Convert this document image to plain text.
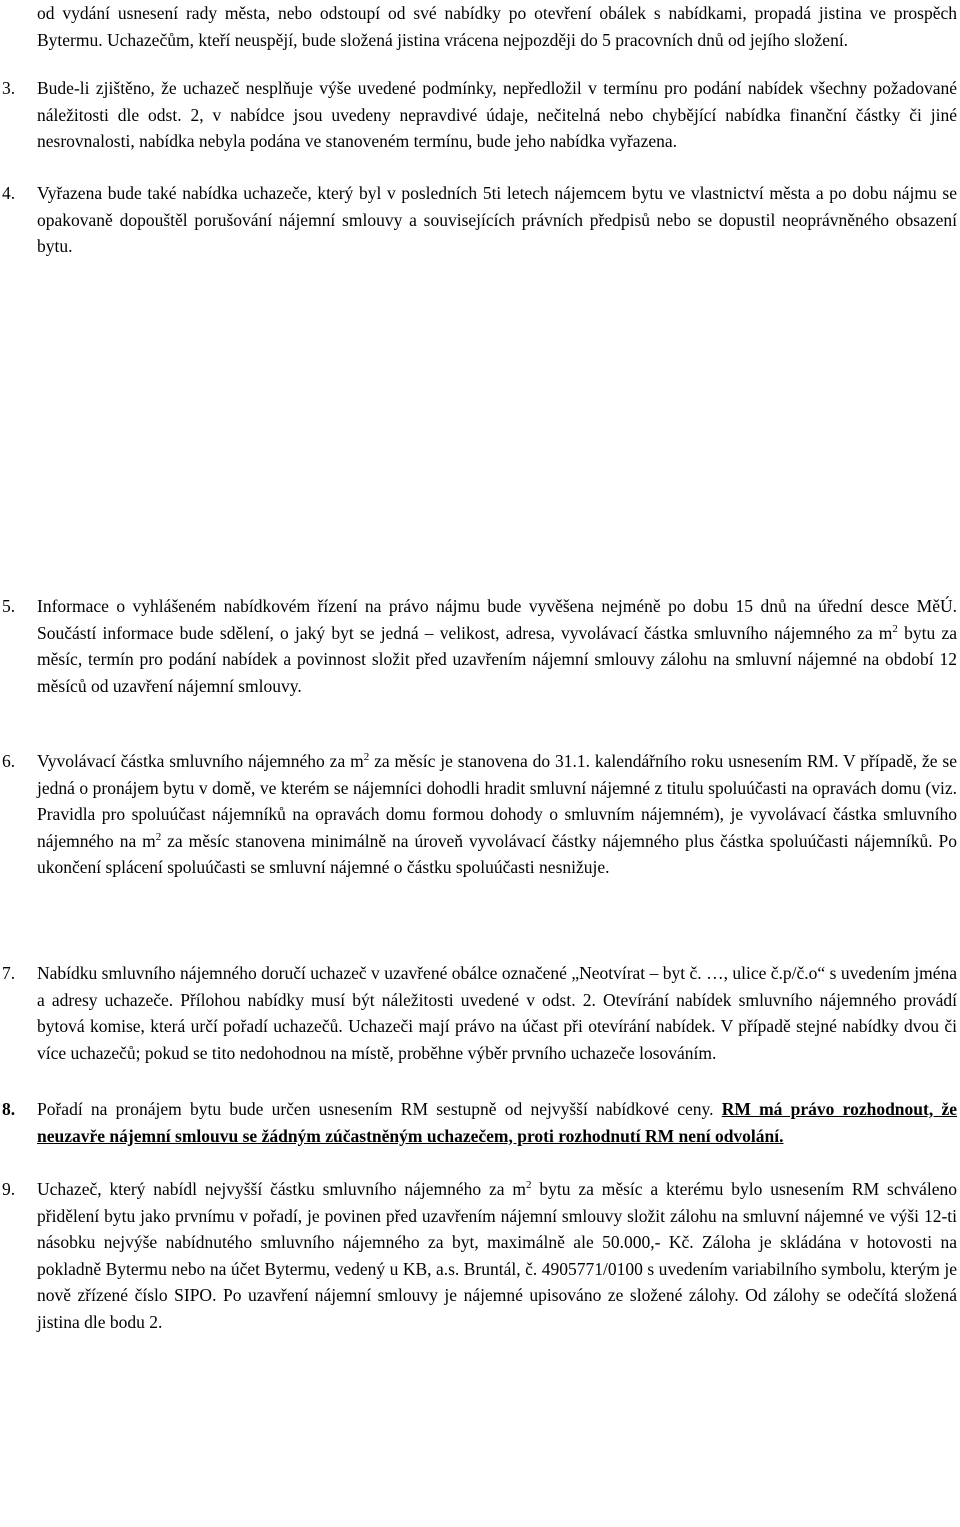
od vydání usnesení rady města, nebo odstoupí od své nabídky po otevření obálek s nabídkami, propadá jistina ve prospěch Bytermu. Uchazečům, kteří neuspějí, bude složená jistina vrácena nejpozději do 5 pracovních dnů od jejího složení.
3. Bude-li zjištěno, že uchazeč nesplňuje výše uvedené podmínky, nepředložil v termínu pro podání nabídek všechny požadované náležitosti dle odst. 2, v nabídce jsou uvedeny nepravdivé údaje, nečitelná nebo chybějící nabídka finanční částky či jiné nesrovnalosti, nabídka nebyla podána ve stanoveném termínu, bude jeho nabídka vyřazena.
4. Vyřazena bude také nabídka uchazeče, který byl v posledních 5ti letech nájemcem bytu ve vlastnictví města a po dobu nájmu se opakovaně dopouštěl porušování nájemní smlouvy a souvisejících právních předpisů nebo se dopustil neoprávněného obsazení bytu.
5. Informace o vyhlášeném nabídkovém řízení na právo nájmu bude vyvěšena nejméně po dobu 15 dnů na úřední desce MěÚ. Součástí informace bude sdělení, o jaký byt se jedná – velikost, adresa, vyvolávací částka smluvního nájemného za $m^2$ bytu za měsíc, termín pro podání nabídek a povinnost složit před uzavřením nájemní smlouvy zálohu na smluvní nájemné na období 12 měsíců od uzavření nájemní smlouvy.
6. Vyvolávací částka smluvního nájemného za $m^2$ za měsíc je stanovena do 31.1. kalendářního roku usnesením RM. V případě, že se jedná o pronájem bytu v domě, ve kterém se nájemníci dohodli hradit smluvní nájemné z titulu spoluúčasti na opravách domu (viz. Pravidla pro spoluúčast nájemníků na opravách domu formou dohody o smluvním nájemném), je vyvolávací částka smluvního nájemného na $m^2$ za měsíc stanovena minimálně na úroveň vyvolávací částky nájemného plus částka spoluúčasti nájemníků. Po ukončení splácení spoluúčasti se smluvní nájemné o částku spoluúčasti nesnižuje.
7. Nabídku smluvního nájemného doručí uchazeč v uzavřené obálce označené „Neotvírat – byt č. …, ulice č.p/č.o“ s uvedením jména a adresy uchazeče. Přílohou nabídky musí být náležitosti uvedené v odst. 2. Otevírání nabídek smluvního nájemného provádí bytová komise, která určí pořadí uchazečů. Uchazeči mají právo na účast při otevírání nabídek. V případě stejné nabídky dvou či více uchazečů; pokud se tito nedohodnou na místě, proběhne výběr prvního uchazeče losováním.
8. Pořadí na pronájem bytu bude určen usnesením RM sestupně od nejvyšší nabídkové ceny. RM má právo rozhodnout, že neuzavře nájemní smlouvu se žádným zúčastněným uchazečem, proti rozhodnutí RM není odvolání.
9. Uchazeč, který nabídl nejvyšší částku smluvního nájemného za $m^2$ bytu za měsíc a kterému bylo usnesením RM schváleno přidělení bytu jako prvnímu v pořadí, je povinen před uzavřením nájemní smlouvy složit zálohu na smluvní nájemné ve výši 12-ti násobku nejvýše nabídnutého smluvního nájemného za byt, maximálně ale 50.000,- Kč. Záloha je skládána v hotovosti na pokladně Bytermu nebo na účet Bytermu, vedený u KB, a.s. Bruntál, č. 4905771/0100 s uvedením variabilního symbolu, kterým je nově zřízené číslo SIPO. Po uzavření nájemní smlouvy je nájemné upisováno ze složené zálohy. Od zálohy se odečítá složená jistina dle bodu 2.
